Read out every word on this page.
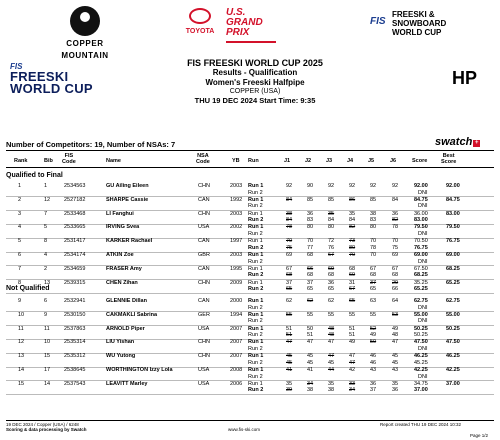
COPPER
MOUNTAIN
TOYOTA
U.S.
GRAND
PRIX
FIS
FREESKI &
SNOWBOARD
WORLD CUP
FIS
FREESKI
WORLD CUP
FIS FREESKI WORLD CUP 2025
Results - Qualification
Women's Freeski Halfpipe
COPPER (USA)
THU 19 DEC 2024 Start Time: 9:35
HP
Number of Competitors: 19, Number of NSAs: 7	swatch +
Rank	Bib
FIS
Code	Name
NSA
Code	YB Run	J1	J2	J3	J4	J5	J6	Score
Best
Score
Qualified to Final
1	1	2534563	GU Ailing Eileen	CHN	2003 Run 1	92	90	92	92	92	92	92.00
Run 2	DNI
92.00
2	12	2527182	SHARPE Cassie	CAN	1992 Run 1	84	85	85	86	85	84	84.75
Run 2	DNI
84.75
3	7	2533468	LI Fanghui	CHN	2003 Run 1	38	36	35	35	38	36	36.00
Run 2	84	83	84	84	83	82	83.00
83.00
4	5	2533665	IRVING Svea	USA	2002 Run 1	78	80	80	82	80	78	79.50
Run 2	DNI
79.50
5	8	2531417	KARKER Rachael	CAN	1997 Run 1	70	70	72	73	70	70	70.50
Run 2	75	77	76	80	78	75	76.75
76.75
6	4	2534174	ATKIN Zoe	GBR	2003 Run 1	69	68	67	70	70	69	69.00
Run 2	DNI
69.00
7	2	2534659	FRASER Amy	CAN	1995 Run 1	67	66	69	68	67	67	67.50
Run 2	68	68	68	69	68	68	68.25
68.25
8	13	2539315	CHEN Zihan	CHN	2009 Run 1	37	37	36	31	37	29	35.25
Run 2	65	65	65	67	65	66	65.25
65.25
Not Qualified
9	6	2532941	GLENNIE Dillan	CAN	2000 Run 1	62	62	62	65	63	64	62.75
Run 2	DNI
62.75
10	9	2530150	CAKMAKLI Sabrina	GER	1994 Run 1	55	55	55	55	55	53	55.00
Run 2	DNI
55.00
11	11	2537863	ARNOLD Piper	USA	2007 Run 1	51	50	48	51	52	49	50.25
Run 2	51	51	48	51	49	48	50.25
50.25
12	10	2535314	LIU Yishan	CHN	2007 Run 1	47	47	47	49	50	47	47.50
Run 2	DNI
47.50
13	15	2535312	WU Yutong	CHN	2007 Run 1	45	45	47	47	46	45	46.25
Run 2	45	45	45	47	46	45	45.25
46.25
14	17	2538645	WORTHINGTON Izzy Lola	USA	2008 Run 1	41	41	44	42	43	43	42.25
Run 2	DNI
42.25
15	14	2537543	LEAVITT Marley	USA	2006 Run 1	35	34	35	33	36	35	34.75
Run 2	39	38	38	34	37	36	37.00
37.00
19 DEC 2024 / Copper (USA) / 6248
Scoring & data processing by Swatch	www.fis-ski.com
Report created THU 19 DEC 2024 10:32
Page 1/2
